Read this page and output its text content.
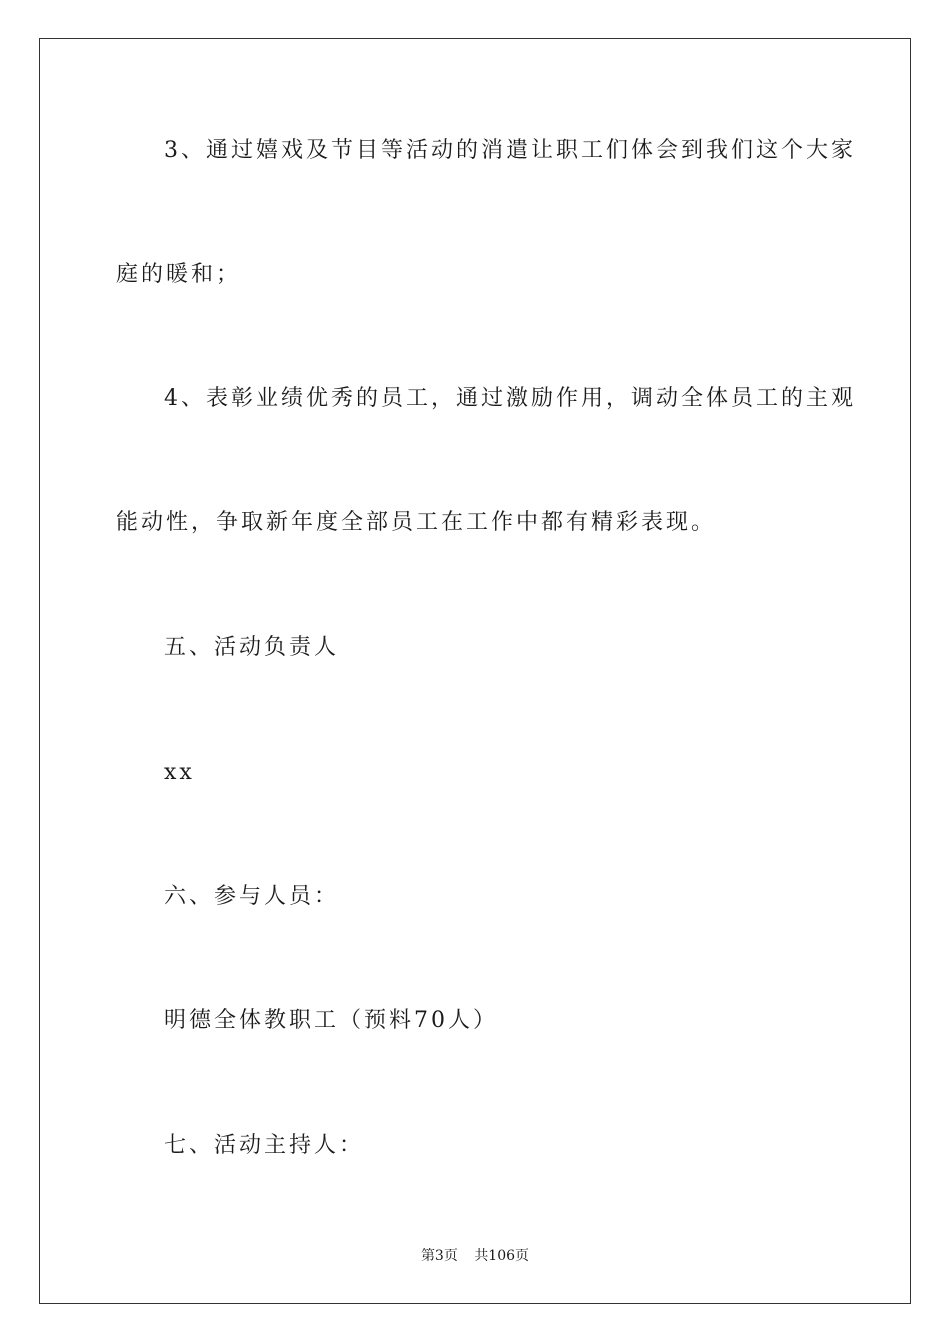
3、通过嬉戏及节目等活动的消遣让职工们体会到我们这个大家
庭的暖和；
4、表彰业绩优秀的员工，通过激励作用，调动全体员工的主观
能动性，争取新年度全部员工在工作中都有精彩表现。
五、活动负责人
xx
六、参与人员：
明德全体教职工（预料70人）
七、活动主持人：
第3页 共106页
